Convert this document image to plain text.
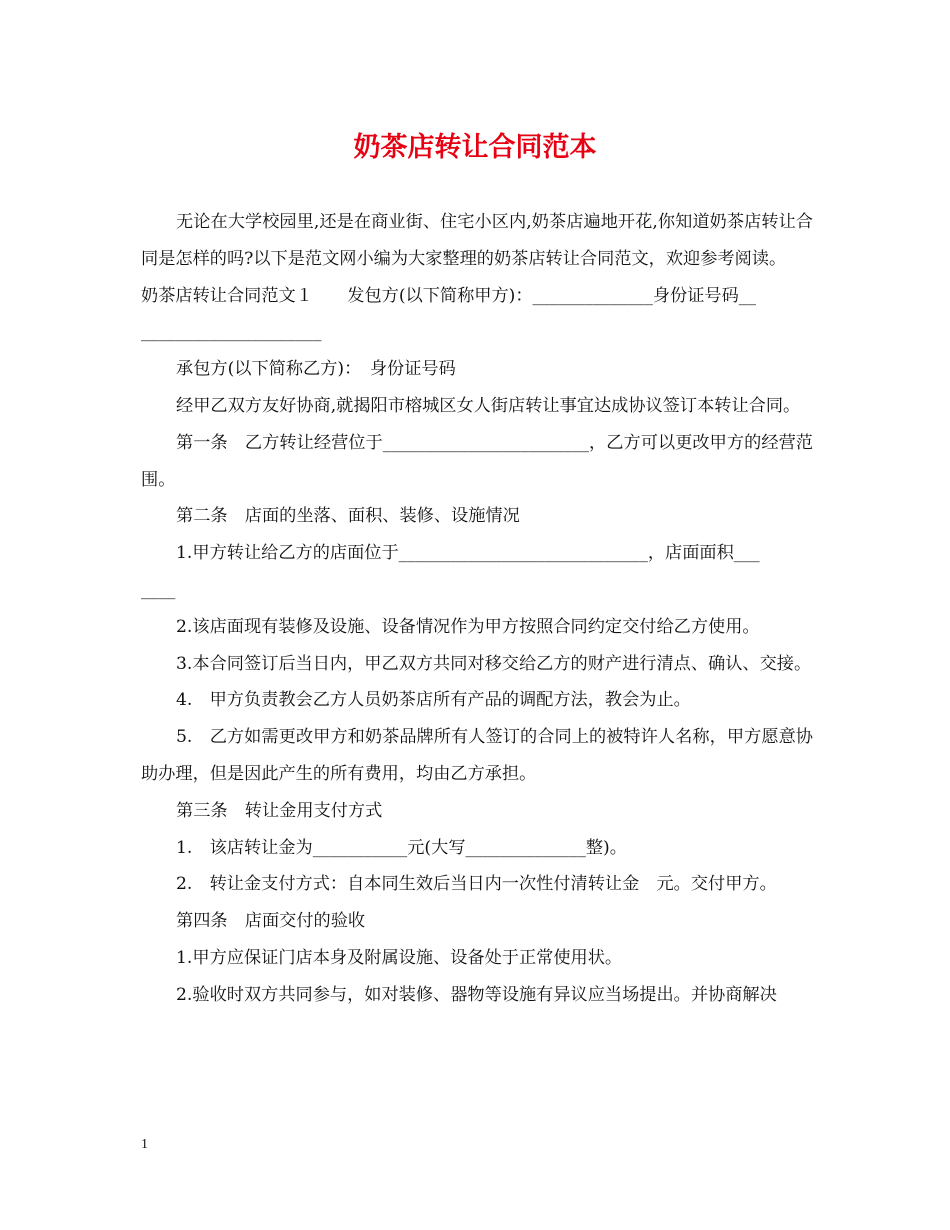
奶茶店转让合同范本

无论在大学校园里,还是在商业街、住宅小区内,奶茶店遍地开花,你知道奶茶店转让合同是怎样的吗?以下是范文网小编为大家整理的奶茶店转让合同范文，欢迎参考阅读。

奶茶店转让合同范文１　　发包方(以下简称甲方)：______________身份证号码__

_____________________

承包方(以下简称乙方)：　身份证号码

经甲乙双方友好协商,就揭阳市榕城区女人街店转让事宜达成协议签订本转让合同。

第一条　乙方转让经营位于________________________，乙方可以更改甲方的经营范围。

第二条　店面的坐落、面积、装修、设施情况

1.甲方转让给乙方的店面位于_____________________________，店面面积___

____

2.该店面现有装修及设施、设备情况作为甲方按照合同约定交付给乙方使用。

3.本合同签订后当日内，甲乙双方共同对移交给乙方的财产进行清点、确认、交接。

4.　甲方负责教会乙方人员奶茶店所有产品的调配方法，教会为止。

5.　乙方如需更改甲方和奶茶品牌所有人签订的合同上的被特许人名称，甲方愿意协助办理，但是因此产生的所有费用，均由乙方承担。

第三条　转让金用支付方式

1.　该店转让金为___________元(大写______________整)。

2.　转让金支付方式：自本同生效后当日内一次性付清转让金　元。交付甲方。

第四条　店面交付的验收

1.甲方应保证门店本身及附属设施、设备处于正常使用状。

2.验收时双方共同参与，如对装修、器物等设施有异议应当场提出。并协商解决

1
